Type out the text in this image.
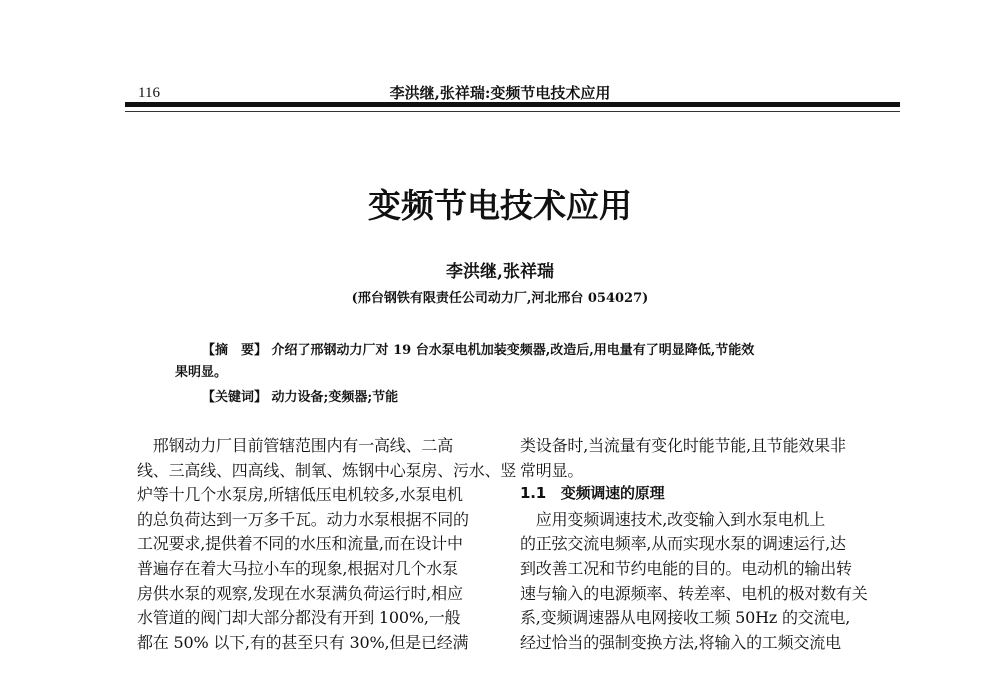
116	李洪继,张祥瑞:变频节电技术应用
变频节电技术应用
李洪继,张祥瑞
(邢台钢铁有限责任公司动力厂,河北邢台 054027)
【摘　要】 介绍了邢钢动力厂对 19 台水泵电机加装变频器,改造后,用电量有了明显降低,节能效
果明显。
【关键词】 动力设备;变频器;节能
　邢钢动力厂目前管辖范围内有一高线、二高
线、三高线、四高线、制氧、炼钢中心泵房、污水、竖
炉等十几个水泵房,所辖低压电机较多,水泵电机
的总负荷达到一万多千瓦。动力水泵根据不同的
工况要求,提供着不同的水压和流量,而在设计中
普遍存在着大马拉小车的现象,根据对几个水泵
房供水泵的观察,发现在水泵满负荷运行时,相应
水管道的阀门却大部分都没有开到 100%,一般
都在 50% 以下,有的甚至只有 30%,但是已经满
类设备时,当流量有变化时能节能,且节能效果非
常明显。
1.1　变频调速的原理
　应用变频调速技术,改变输入到水泵电机上
的正弦交流电频率,从而实现水泵的调速运行,达
到改善工况和节约电能的目的。电动机的输出转
速与输入的电源频率、转差率、电机的极对数有关
系,变频调速器从电网接收工频 50Hz 的交流电,
经过恰当的强制变换方法,将输入的工频交流电
